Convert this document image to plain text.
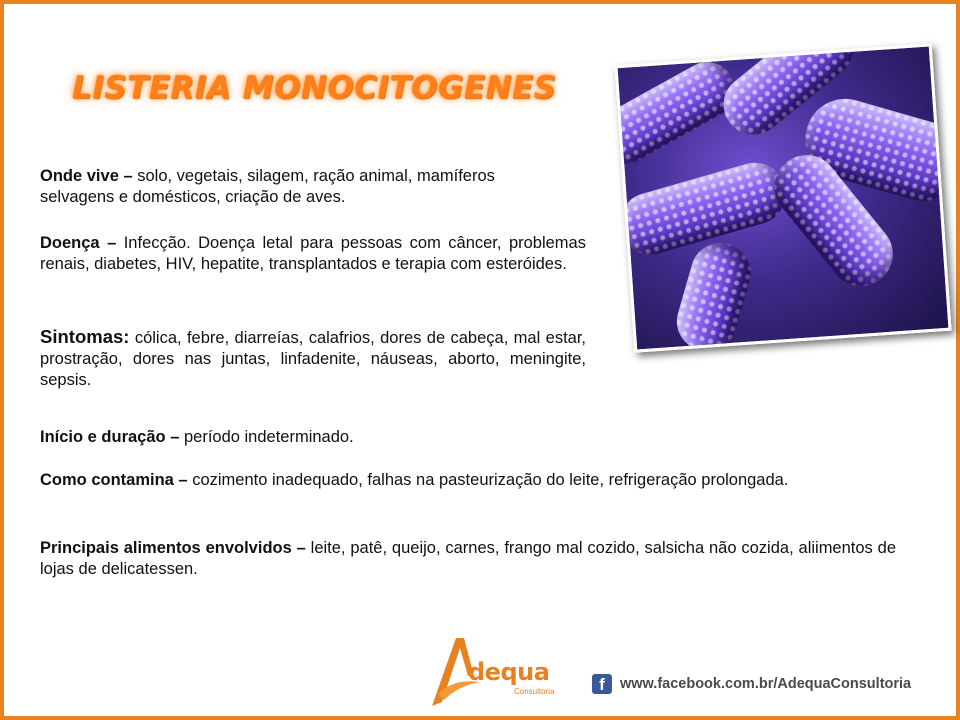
LISTERIA MONOCITOGENES
Onde vive – solo, vegetais, silagem, ração animal, mamíferos selvagens e domésticos, criação de aves.
Doença – Infecção. Doença letal para pessoas com câncer, problemas renais, diabetes, HIV, hepatite, transplantados e terapia com esteróides.
Sintomas: cólica, febre, diarreías, calafrios, dores de cabeça, mal estar, prostração, dores nas juntas, linfadenite, náuseas, aborto, meningite, sepsis.
Início e duração – período indeterminado.
Como contamina – cozimento inadequado, falhas na pasteurização do leite, refrigeração prolongada.
Principais alimentos envolvidos – leite, patê, queijo, carnes, frango mal cozido, salsicha não cozida, aliimentos de lojas de delicatessen.
dequa
Consultoria	f	www.facebook.com.br/AdequaConsultoria
